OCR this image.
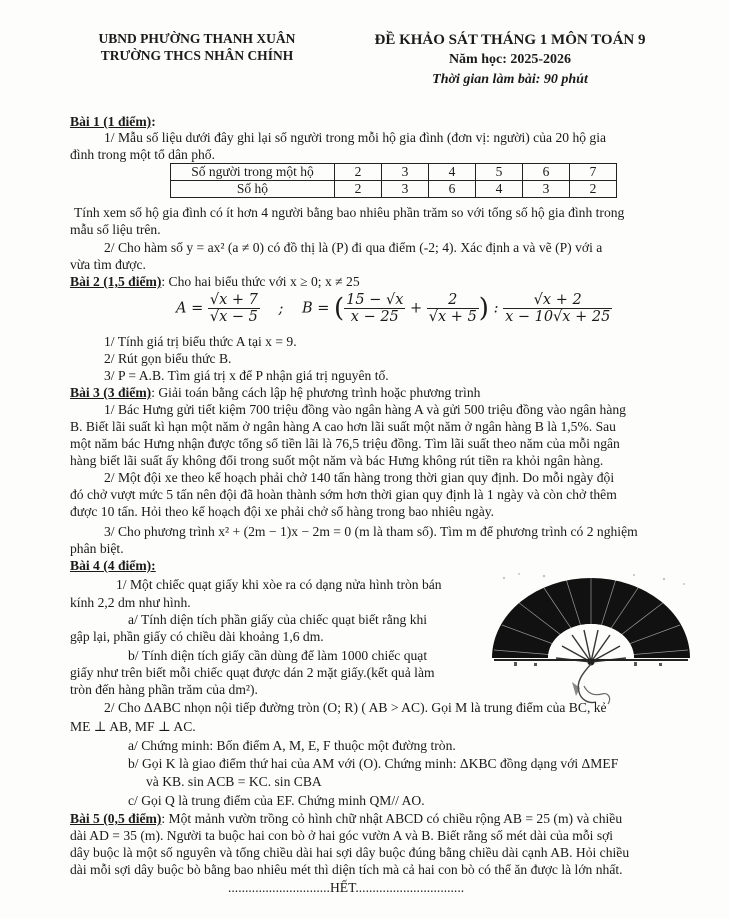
UBND PHƯỜNG THANH XUÂN
TRƯỜNG THCS NHÂN CHÍNH
ĐỀ KHẢO SÁT THÁNG 1 MÔN TOÁN 9
Năm học: 2025-2026
Thời gian làm bài: 90 phút
Bài 1 (1 điểm):
1/ Mẫu số liệu dưới đây ghi lại số người trong mỗi hộ gia đình (đơn vị: người) của 20 hộ gia
đình trong một tổ dân phố.
Số người trong một hộ	2	3	4	5	6	7
Số hộ	2	3	6	4	3	2
Tính xem số hộ gia đình có ít hơn 4 người bằng bao nhiêu phần trăm so với tổng số hộ gia đình trong
mẫu số liệu trên.
2/ Cho hàm số y = ax² (a ≠ 0) có đồ thị là (P) đi qua điểm (-2; 4). Xác định a và vẽ (P) với a
vừa tìm được.
Bài 2 (1,5 điểm): Cho hai biểu thức với x ≥ 0; x ≠ 25
$A = \frac{√x + 7}{√x - 5}$ ; B = ( $\frac{15 - √x}{x - 25} + \frac{2}{√x + 5}$ ) : $\frac{√x + 2}{x - 10√x + 25}$
1/ Tính giá trị biểu thức A tại x = 9.
2/ Rút gọn biểu thức B.
3/ P = A.B. Tìm giá trị x để P nhận giá trị nguyên tố.
Bài 3 (3 điểm): Giải toán bằng cách lập hệ phương trình hoặc phương trình
1/ Bác Hưng gửi tiết kiệm 700 triệu đồng vào ngân hàng A và gửi 500 triệu đồng vào ngân hàng
B. Biết lãi suất kì hạn một năm ở ngân hàng A cao hơn lãi suất một năm ở ngân hàng B là 1,5%. Sau
một năm bác Hưng nhận được tổng số tiền lãi là 76,5 triệu đồng. Tìm lãi suất theo năm của mỗi ngân
hàng biết lãi suất ấy không đổi trong suốt một năm và bác Hưng không rút tiền ra khỏi ngân hàng.
2/ Một đội xe theo kế hoạch phải chở 140 tấn hàng trong thời gian quy định. Do mỗi ngày đội
đó chở vượt mức 5 tấn nên đội đã hoàn thành sớm hơn thời gian quy định là 1 ngày và còn chở thêm
được 10 tấn. Hỏi theo kế hoạch đội xe phải chở số hàng trong bao nhiêu ngày.
3/ Cho phương trình x² + (2m − 1)x − 2m = 0 (m là tham số). Tìm m để phương trình có 2 nghiệm
phân biệt.
Bài 4 (4 điểm):
1/ Một chiếc quạt giấy khi xòe ra có dạng nửa hình tròn bán
kính 2,2 dm như hình.
a/ Tính diện tích phần giấy của chiếc quạt biết rằng khi
gập lại, phần giấy có chiều dài khoảng 1,6 dm.
b/ Tính diện tích giấy cần dùng để làm 1000 chiếc quạt
giấy như trên biết mỗi chiếc quạt được dán 2 mặt giấy.(kết quả làm
tròn đến hàng phần trăm của dm²).
2/ Cho ΔABC nhọn nội tiếp đường tròn (O; R) ( AB > AC). Gọi M là trung điểm của BC, kẻ
ME ⊥ AB, MF ⊥ AC.
a/ Chứng minh: Bốn điểm A, M, E, F thuộc một đường tròn.
b/ Gọi K là giao điểm thứ hai của AM với (O). Chứng minh: ΔKBC đồng dạng với ΔMEF
và KB. sin ACB = KC. sin CBA
c/ Gọi Q là trung điểm của EF. Chứng minh QM// AO.
Bài 5 (0,5 điểm): Một mảnh vườn trồng cỏ hình chữ nhật ABCD có chiều rộng AB = 25 (m) và chiều
dài AD = 35 (m). Người ta buộc hai con bò ở hai góc vườn A và B. Biết rằng số mét dài của mỗi sợi
dây buộc là một số nguyên và tổng chiều dài hai sợi dây buộc đúng bằng chiều dài cạnh AB. Hỏi chiều
dài mỗi sợi dây buộc bò bằng bao nhiêu mét thì diện tích mà cả hai con bò có thể ăn được là lớn nhất.
..............................HẾT................................
